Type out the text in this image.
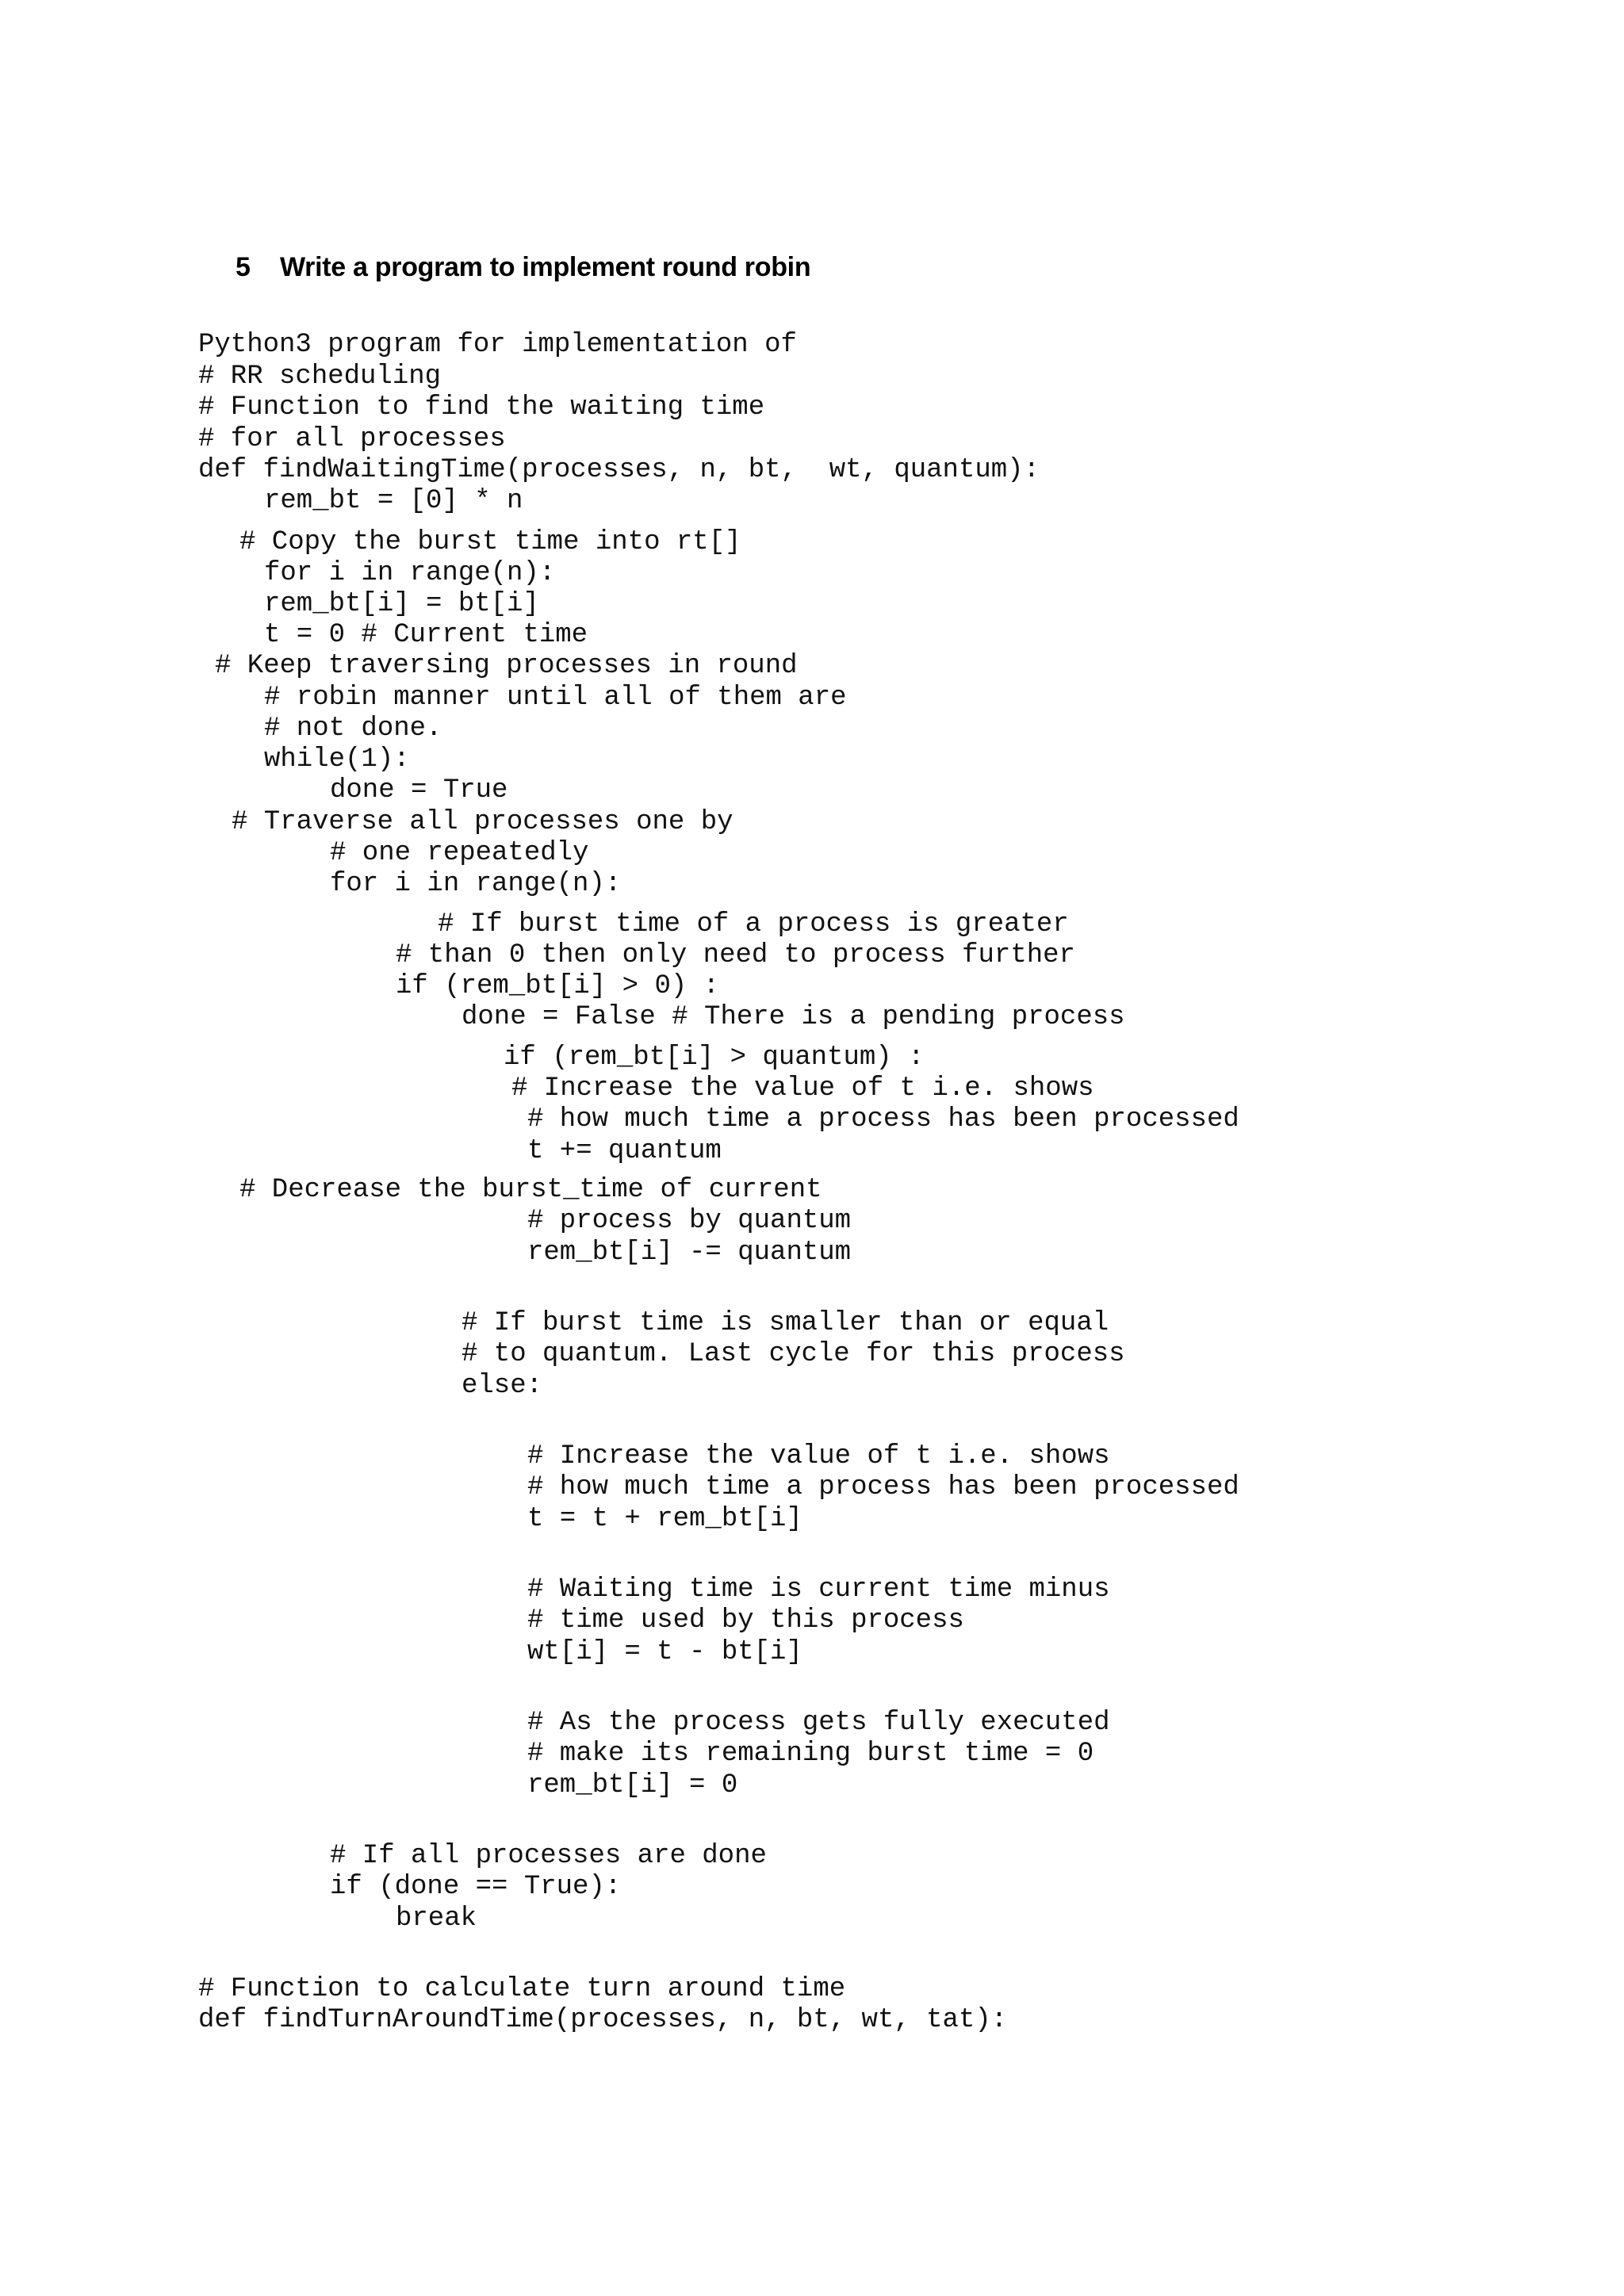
5 Write a program to implement round robin
Python3 program for implementation of
# RR scheduling
# Function to find the waiting time
# for all processes
def findWaitingTime(processes, n, bt,  wt, quantum):
rem_bt = [0] * n
# Copy the burst time into rt[]
for i in range(n):
rem_bt[i] = bt[i]
t = 0 # Current time
# Keep traversing processes in round
# robin manner until all of them are
# not done.
while(1):
done = True
# Traverse all processes one by
# one repeatedly
for i in range(n):
# If burst time of a process is greater
# than 0 then only need to process further
if (rem_bt[i] > 0) :
done = False # There is a pending process
if (rem_bt[i] > quantum) :
# Increase the value of t i.e. shows
# how much time a process has been processed
t += quantum
# Decrease the burst_time of current
# process by quantum
rem_bt[i] -= quantum
# If burst time is smaller than or equal
# to quantum. Last cycle for this process
else:
# Increase the value of t i.e. shows
# how much time a process has been processed
t = t + rem_bt[i]
# Waiting time is current time minus
# time used by this process
wt[i] = t - bt[i]
# As the process gets fully executed
# make its remaining burst time = 0
rem_bt[i] = 0
# If all processes are done
if (done == True):
break
# Function to calculate turn around time
def findTurnAroundTime(processes, n, bt, wt, tat):
